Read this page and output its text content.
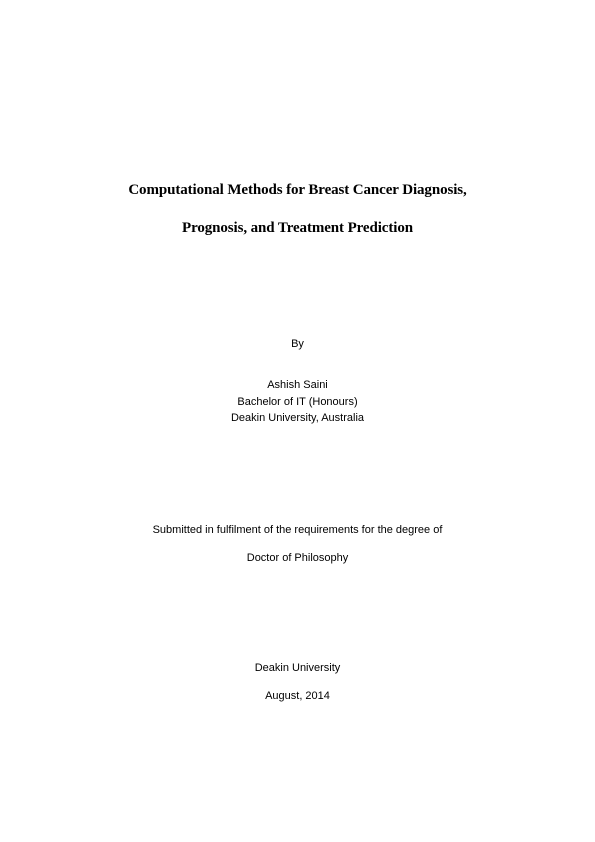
Computational Methods for Breast Cancer Diagnosis,
Prognosis, and Treatment Prediction
By
Ashish Saini
Bachelor of IT (Honours)
Deakin University, Australia
Submitted in fulfilment of the requirements for the degree of
Doctor of Philosophy
Deakin University
August, 2014
